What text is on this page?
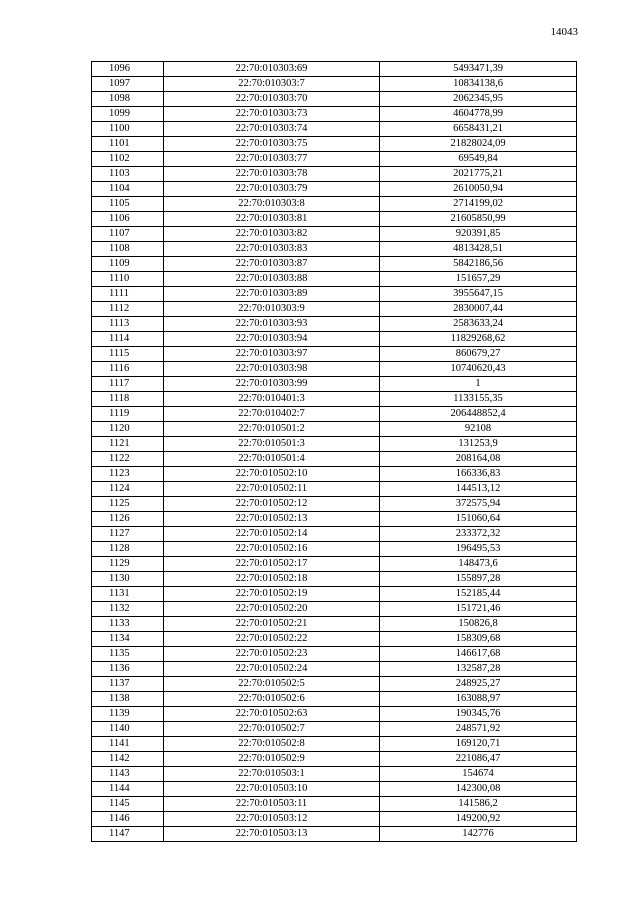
14043
1096	22:70:010303:69	5493471,39
1097	22:70:010303:7	10834138,6
1098	22:70:010303:70	2062345,95
1099	22:70:010303:73	4604778,99
1100	22:70:010303:74	6658431,21
1101	22:70:010303:75	21828024,09
1102	22:70:010303:77	69549,84
1103	22:70:010303:78	2021775,21
1104	22:70:010303:79	2610050,94
1105	22:70:010303:8	2714199,02
1106	22:70:010303:81	21605850,99
1107	22:70:010303:82	920391,85
1108	22:70:010303:83	4813428,51
1109	22:70:010303:87	5842186,56
1110	22:70:010303:88	151657,29
1111	22:70:010303:89	3955647,15
1112	22:70:010303:9	2830007,44
1113	22:70:010303:93	2583633,24
1114	22:70:010303:94	11829268,62
1115	22:70:010303:97	860679,27
1116	22:70:010303:98	10740620,43
1117	22:70:010303:99	1
1118	22:70:010401:3	1133155,35
1119	22:70:010402:7	206448852,4
1120	22:70:010501:2	92108
1121	22:70:010501:3	131253,9
1122	22:70:010501:4	208164,08
1123	22:70:010502:10	166336,83
1124	22:70:010502:11	144513,12
1125	22:70:010502:12	372575,94
1126	22:70:010502:13	151060,64
1127	22:70:010502:14	233372,32
1128	22:70:010502:16	196495,53
1129	22:70:010502:17	148473,6
1130	22:70:010502:18	155897,28
1131	22:70:010502:19	152185,44
1132	22:70:010502:20	151721,46
1133	22:70:010502:21	150826,8
1134	22:70:010502:22	158309,68
1135	22:70:010502:23	146617,68
1136	22:70:010502:24	132587,28
1137	22:70:010502:5	248925,27
1138	22:70:010502:6	163088,97
1139	22:70:010502:63	190345,76
1140	22:70:010502:7	248571,92
1141	22:70:010502:8	169120,71
1142	22:70:010502:9	221086,47
1143	22:70:010503:1	154674
1144	22:70:010503:10	142300,08
1145	22:70:010503:11	141586,2
1146	22:70:010503:12	149200,92
1147	22:70:010503:13	142776
